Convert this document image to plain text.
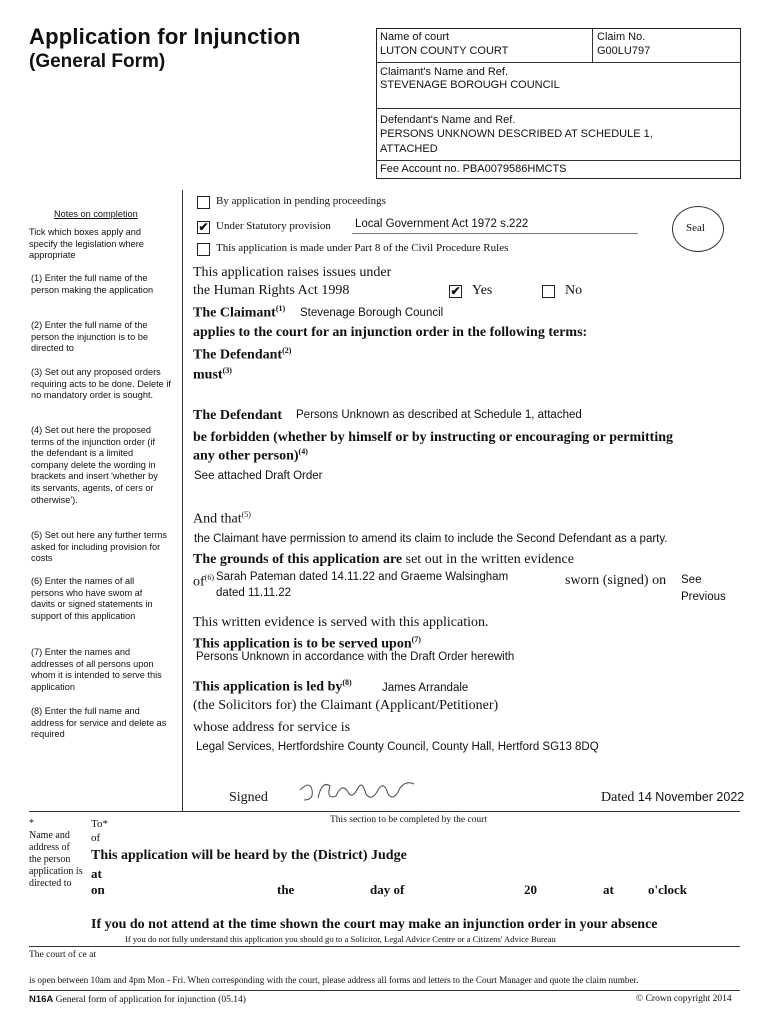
Application for Injunction
(General Form)
Name of court
LUTON COUNTY COURT
Claim No.
G00LU797
Claimant's Name and Ref.
STEVENAGE BOROUGH COUNCIL
Defendant's Name and Ref.
PERSONS UNKNOWN DESCRIBED AT SCHEDULE 1,
ATTACHED
Fee Account no. PBA0079586HMCTS
Notes on completion
Tick which boxes apply and specify the legislation where appropriate
(1) Enter the full name of the person making the application
(2) Enter the full name of the person the injunction is to be directed to
(3) Set out any proposed orders requiring acts to be done. Delete if no mandatory order is sought.
(4) Set out here the proposed terms of the injunction order (if the defendant is a limited company delete the wording in brackets and insert 'whether by its servants, agents, of cers or otherwise').
(5) Set out here any further terms asked for including provision for costs
(6) Enter the names of all persons who have swom af davits or signed statements in support of this application
(7) Enter the names and addresses of all persons upon whom it is intended to serve this application
(8) Enter the full name and address for service and delete as required
By application in pending proceedings
✔ Under Statutory provision Local Government Act 1972 s.222
This application is made under Part 8 of the Civil Procedure Rules
Seal
This application raises issues under
the Human Rights Act 1998	✔ Yes	No
The Claimant$^{(1)}$ Stevenage Borough Council
applies to the court for an injunction order in the following terms:
The Defendant$^{(2)}$
must$^{(3)}$
The Defendant Persons Unknown as described at Schedule 1, attached
be forbidden (whether by himself or by instructing or encouraging or permitting
any other person)$^{(4)}$
See attached Draft Order
And that$^{(5)}$
the Claimant have permission to amend its claim to include the Second Defendant as a party.
The grounds of this application are set out in the written evidence
$of^{(6)}$ Sarah Pateman dated 14.11.22 and Graeme Walsingham
dated 11.11.22
sworn (signed) on See
Previous
This written evidence is served with this application.
This application is to be served upon$^{(7)}$
Persons Unknown in accordance with the Draft Order herewith
This application is led $by^{(8)}$	James Arrandale
(the Solicitors for) the Claimant (Applicant/Petitioner)
whose address for service is
Legal Services, Hertfordshire County Council, County Hall, Hertford SG13 8DQ
Signed	Dated 14 November 2022
*
Name and address of the person application is directed to
To*
of
This section to be completed by the court
This application will be heard by the (District) Judge
at
on	the	day of	20	at	o'clock
If you do not attend at the time shown the court may make an injunction order in your absence
If you do not fully understand this application you should go to a Solicitor, Legal Advice Centre or a Citizens' Advice Bureau
The court of ce at
is open between 10am and 4pm Mon - Fri. When corresponding with the court, please address all forms and letters to the Court Manager and quote the claim number.
N16A General form of application for injunction (05.14)	© Crown copyright 2014
